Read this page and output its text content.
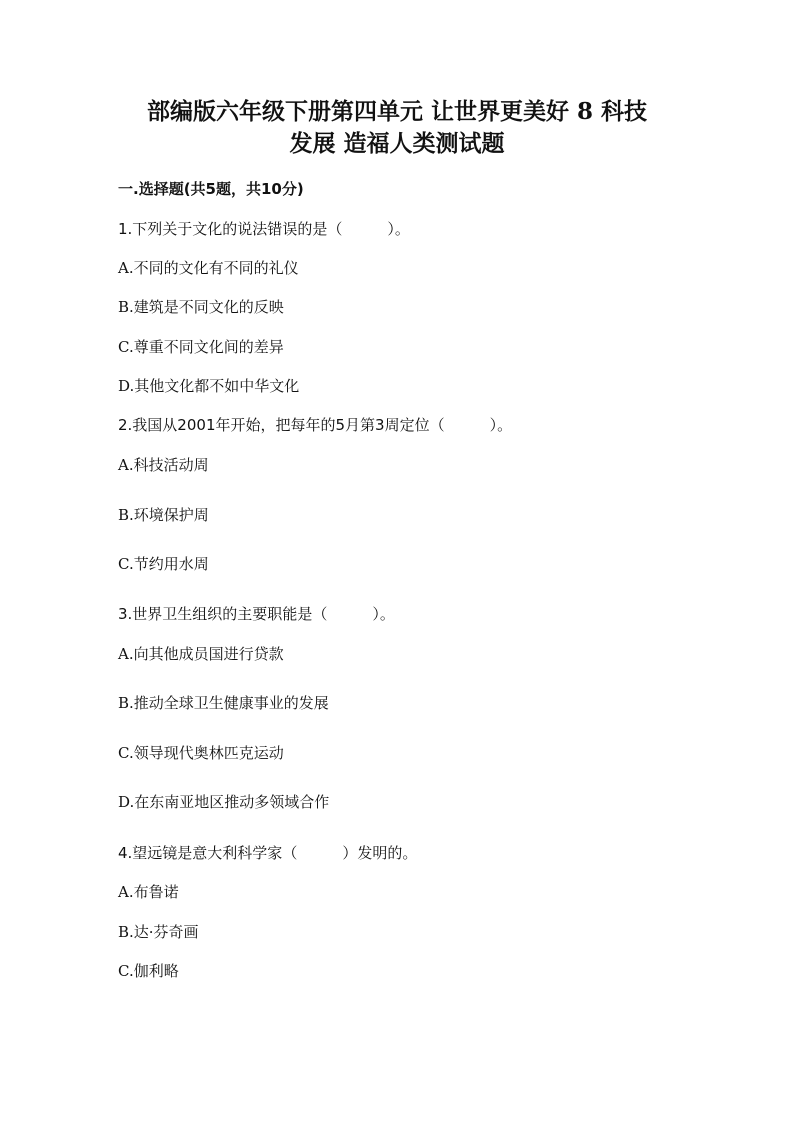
部编版六年级下册第四单元 让世界更美好 8 科技
发展 造福人类测试题
一.选择题(共5题，共10分)
1.下列关于文化的说法错误的是（　　　）。
A.不同的文化有不同的礼仪
B.建筑是不同文化的反映
C.尊重不同文化间的差异
D.其他文化都不如中华文化
2.我国从2001年开始，把每年的5月第3周定位（　　　）。
A.科技活动周
B.环境保护周
C.节约用水周
3.世界卫生组织的主要职能是（　　　）。
A.向其他成员国进行贷款
B.推动全球卫生健康事业的发展
C.领导现代奥林匹克运动
D.在东南亚地区推动多领域合作
4.望远镜是意大利科学家（　　　）发明的。
A.布鲁诺
B.达·芬奇画
C.伽利略
